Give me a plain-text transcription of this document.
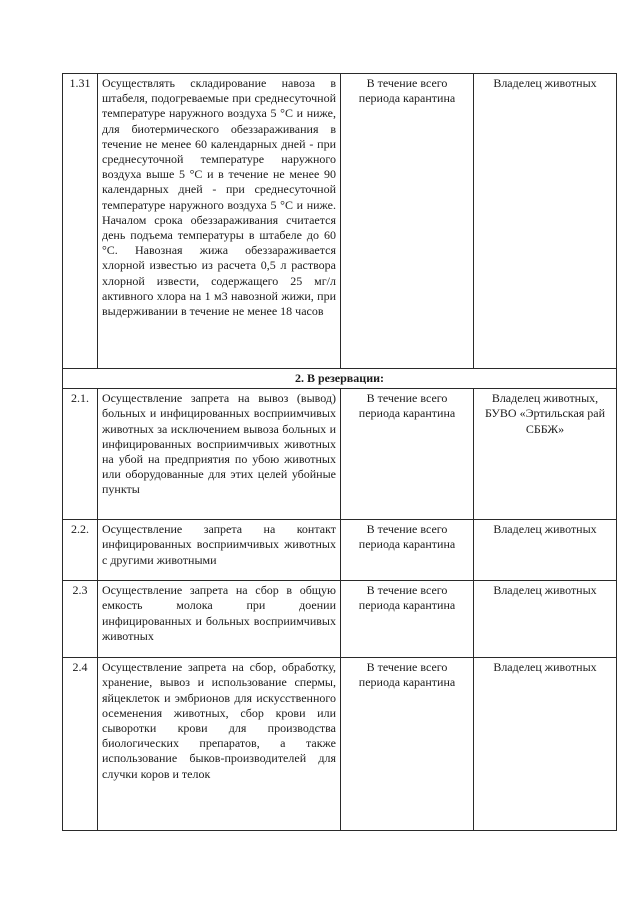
1.31	Осуществлять складирование навоза в штабеля, подогреваемые при среднесуточной температуре наружного воздуха 5 °С и ниже, для биотермического обеззараживания в течение не менее 60 календарных дней - при среднесуточной температуре наружного воздуха выше 5 °С и в течение не менее 90 календарных дней - при среднесуточной температуре наружного воздуха 5 °С и ниже. Началом срока обеззараживания считается день подъема температуры в штабеле до 60 °С. Навозная жижа обеззараживается хлорной известью из расчета 0,5 л раствора хлорной извести, содержащего 25 мг/л активного хлора на 1 м3 навозной жижи, при выдерживании в течение не менее 18 часов	В течение всего периода карантина	Владелец животных
2. В резервации:			
2.1.	Осуществление запрета на вывоз (вывод) больных и инфицированных восприимчивых животных за исключением вывоза больных и инфицированных восприимчивых животных на убой на предприятия по убою животных или оборудованные для этих целей убойные пункты	В течение всего периода карантина	Владелец животных, БУВО «Эртильская рай СББЖ»
2.2.	Осуществление запрета на контакт инфицированных восприимчивых животных с другими животными	В течение всего периода карантина	Владелец животных
2.3	Осуществление запрета на сбор в общую емкость молока при доении инфицированных и больных восприимчивых животных	В течение всего периода карантина	Владелец животных
2.4	Осуществление запрета на сбор, обработку, хранение, вывоз и использование спермы, яйцеклеток и эмбрионов для искусственного осеменения животных, сбор крови или сыворотки крови для производства биологических препаратов, а также использование быков-производителей для случки коров и телок	В течение всего периода карантина	Владелец животных
